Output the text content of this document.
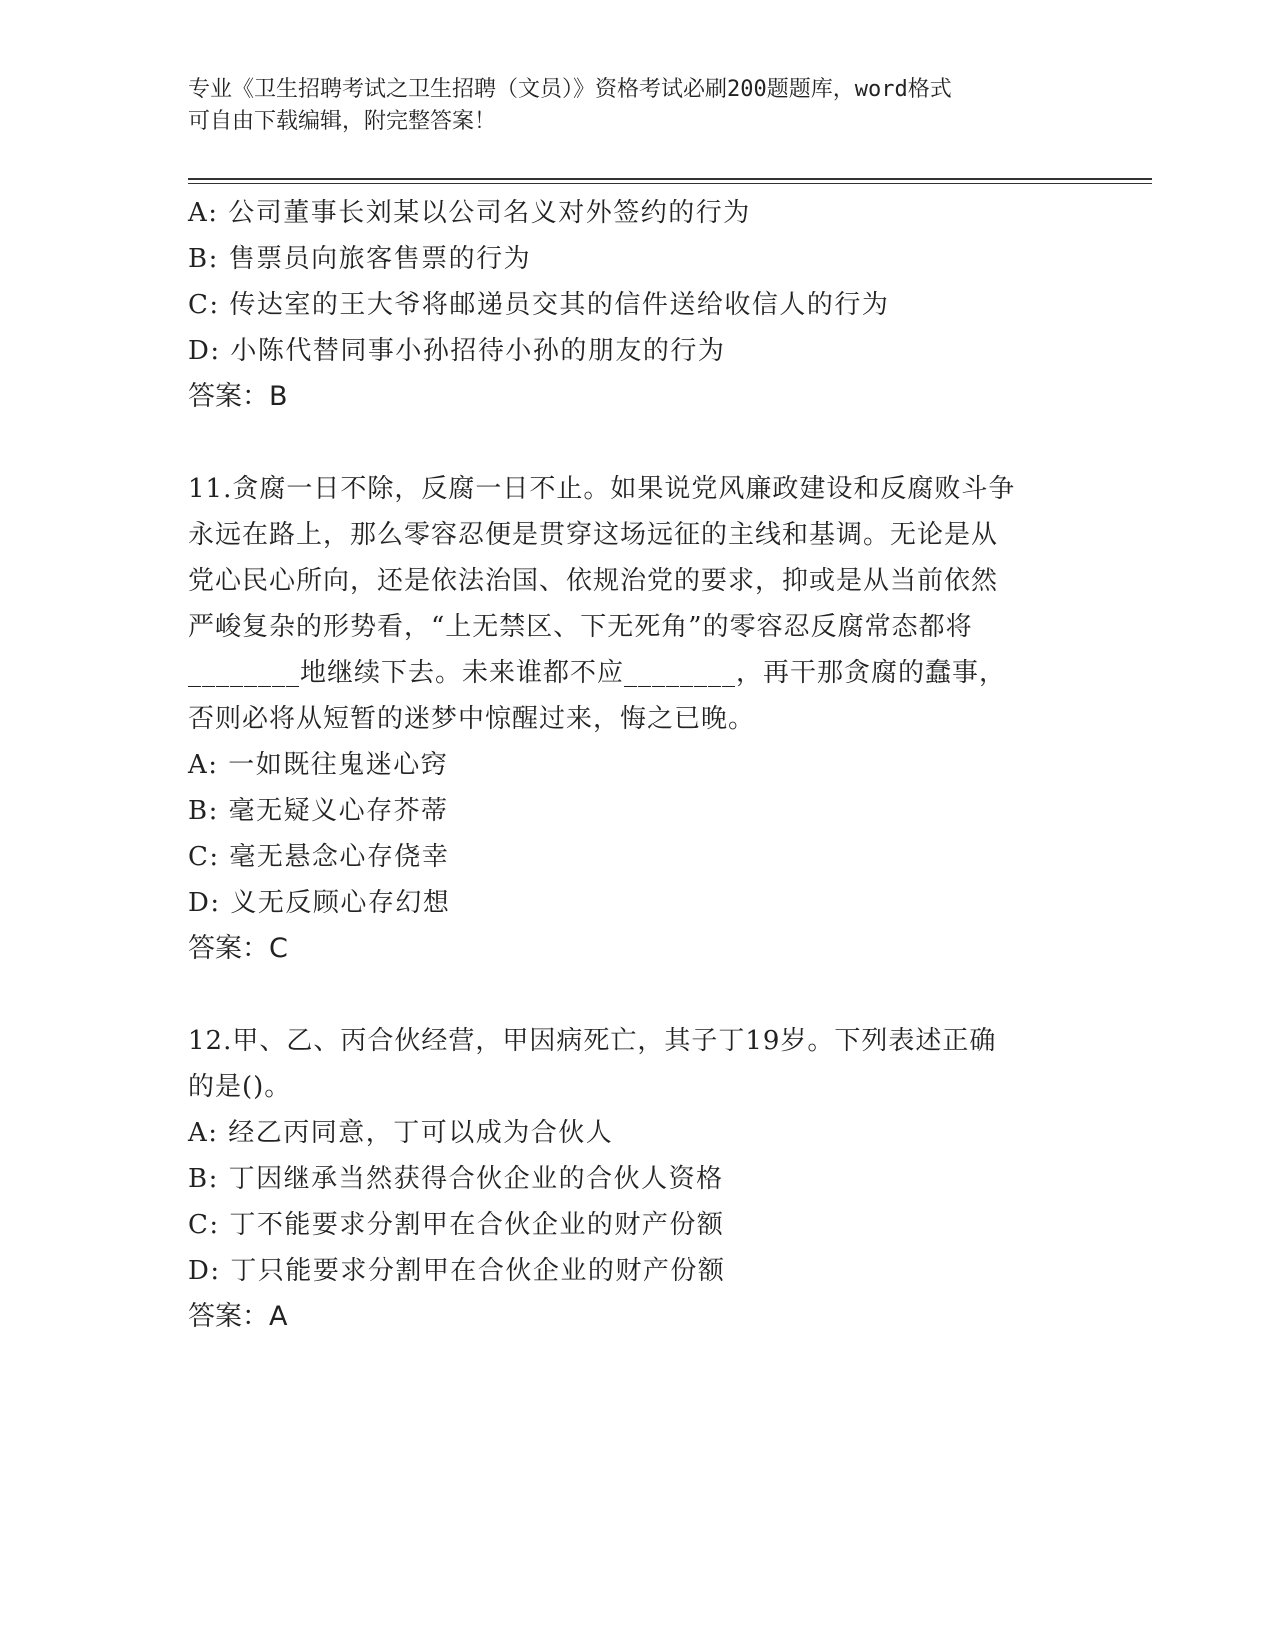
专业《卫生招聘考试之卫生招聘（文员）》资格考试必刷200题题库，word格式
可自由下载编辑，附完整答案！
A: 公司董事长刘某以公司名义对外签约的行为
B: 售票员向旅客售票的行为
C: 传达室的王大爷将邮递员交其的信件送给收信人的行为
D: 小陈代替同事小孙招待小孙的朋友的行为
答案：B
11.贪腐一日不除，反腐一日不止。如果说党风廉政建设和反腐败斗争
永远在路上，那么零容忍便是贯穿这场远征的主线和基调。无论是从
党心民心所向，还是依法治国、依规治党的要求，抑或是从当前依然
严峻复杂的形势看，“上无禁区、下无死角”的零容忍反腐常态都将
________地继续下去。未来谁都不应________，再干那贪腐的蠢事，
否则必将从短暂的迷梦中惊醒过来，悔之已晚。
A: 一如既往鬼迷心窍
B: 毫无疑义心存芥蒂
C: 毫无悬念心存侥幸
D: 义无反顾心存幻想
答案：C
12.甲、乙、丙合伙经营，甲因病死亡，其子丁19岁。下列表述正确
的是()。
A: 经乙丙同意，丁可以成为合伙人
B: 丁因继承当然获得合伙企业的合伙人资格
C: 丁不能要求分割甲在合伙企业的财产份额
D: 丁只能要求分割甲在合伙企业的财产份额
答案：A
